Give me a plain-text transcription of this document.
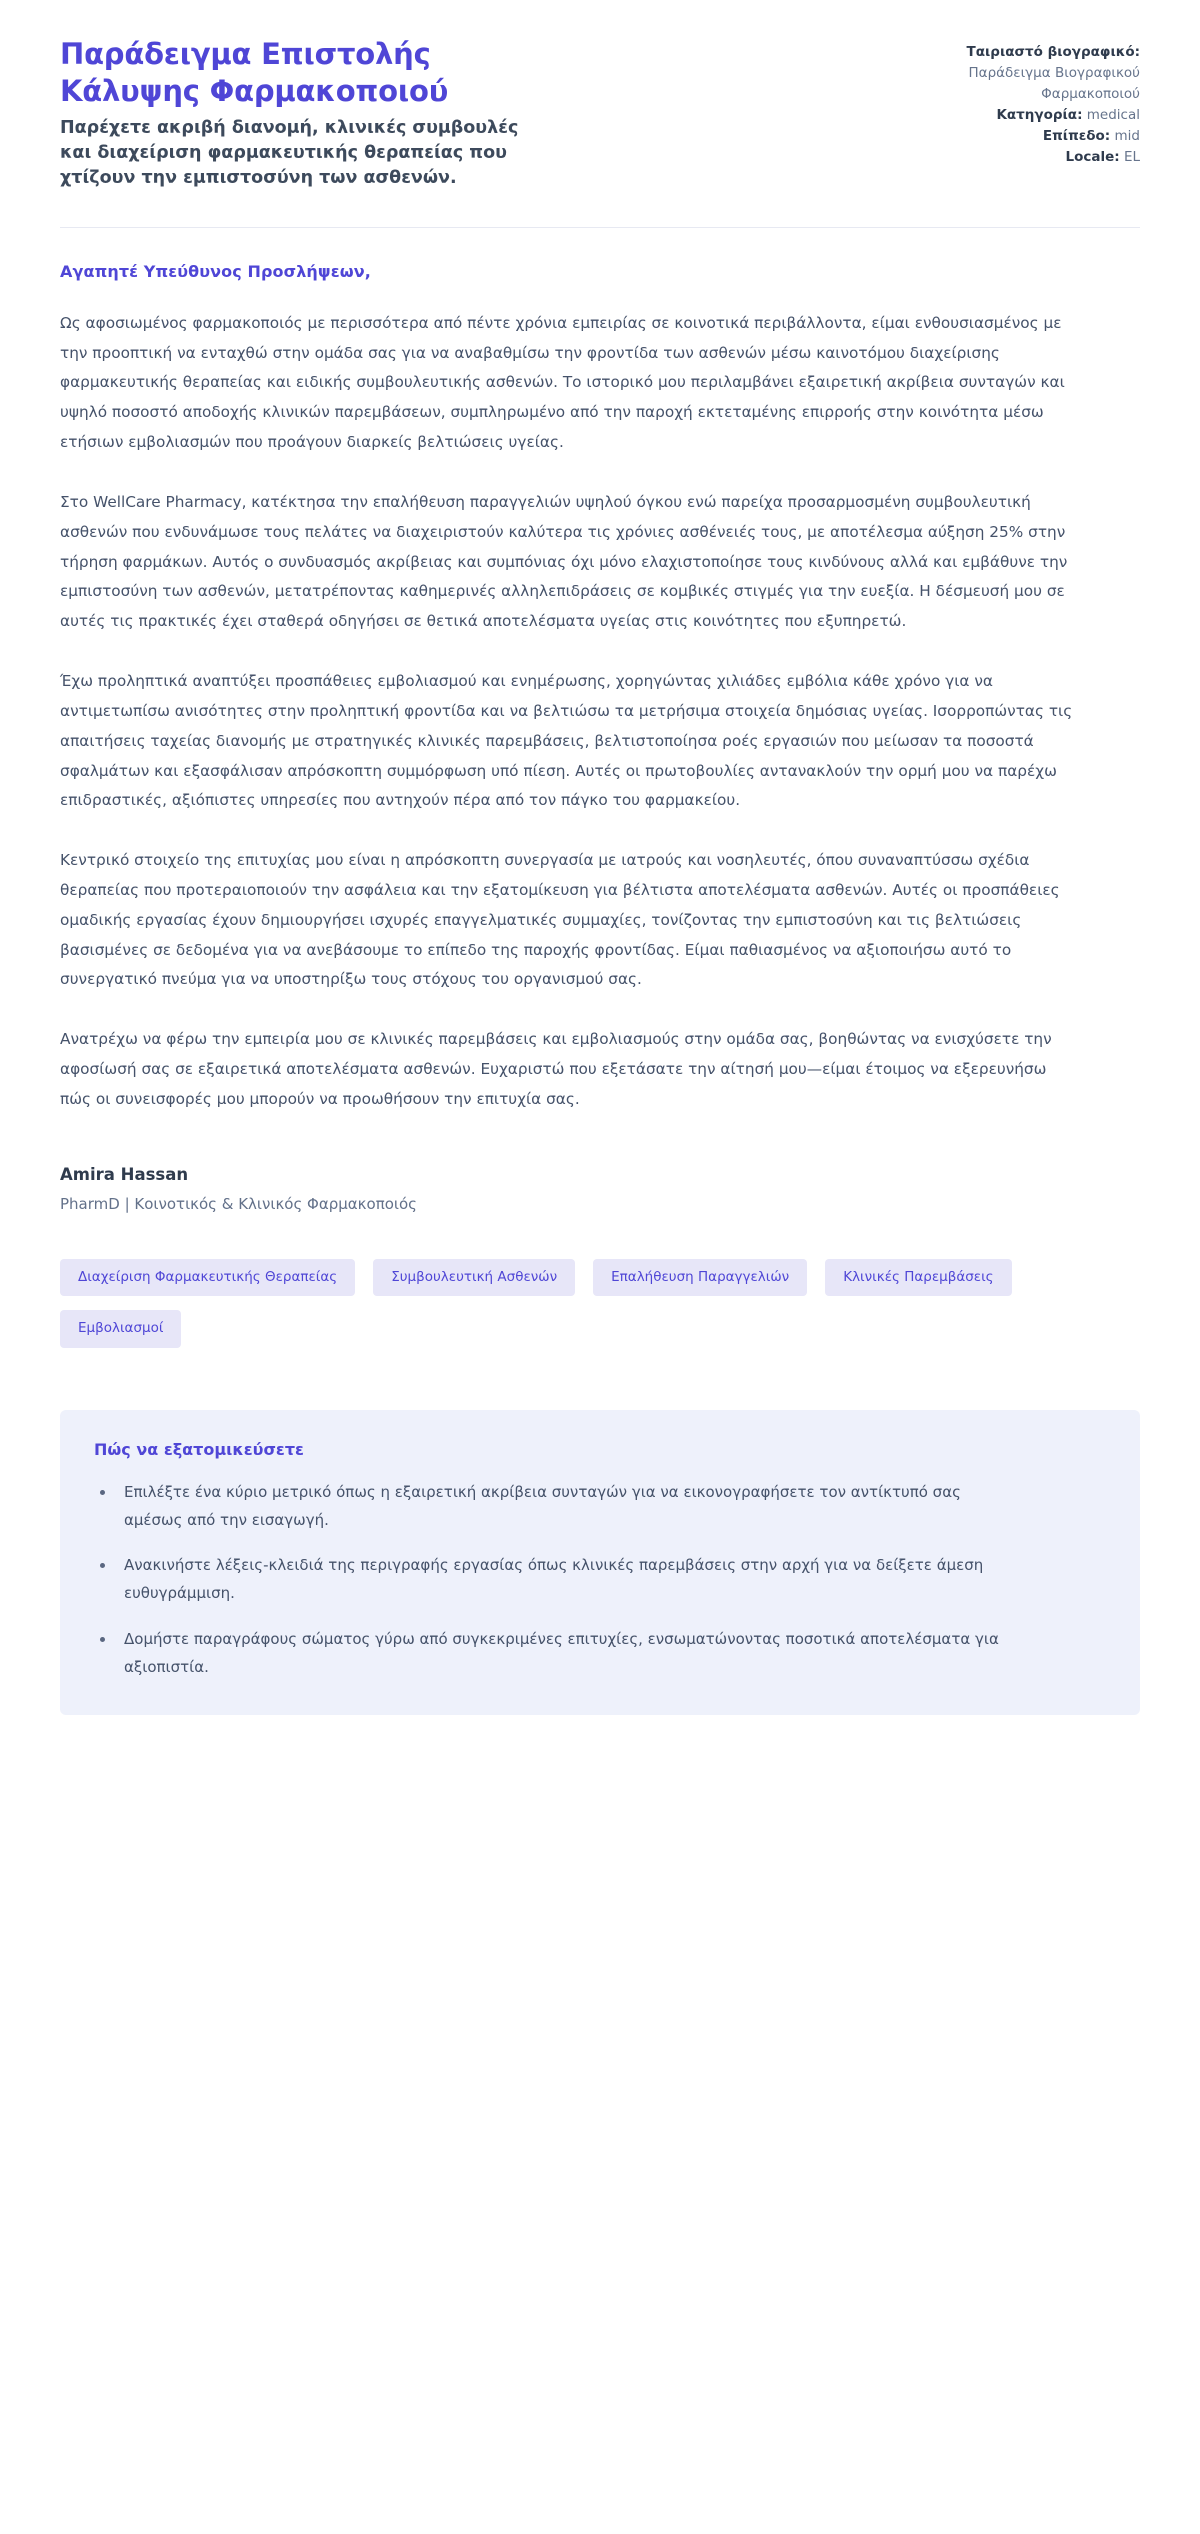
Παράδειγμα Επιστολής Κάλυψης Φαρμακοποιού

Παρέχετε ακριβή διανομή, κλινικές συμβουλές και διαχείριση φαρμακευτικής θεραπείας που χτίζουν την εμπιστοσύνη των ασθενών.

Ταιριαστό βιογραφικό:
Παράδειγμα Βιογραφικού Φαρμακοποιού
Κατηγορία: medical
Επίπεδο: mid
Locale: EL

Αγαπητέ Υπεύθυνος Προσλήψεων,

Ως αφοσιωμένος φαρμακοποιός με περισσότερα από πέντε χρόνια εμπειρίας σε κοινοτικά περιβάλλοντα, είμαι ενθουσιασμένος με την προοπτική να ενταχθώ στην ομάδα σας για να αναβαθμίσω την φροντίδα των ασθενών μέσω καινοτόμου διαχείρισης φαρμακευτικής θεραπείας και ειδικής συμβουλευτικής ασθενών. Το ιστορικό μου περιλαμβάνει εξαιρετική ακρίβεια συνταγών και υψηλό ποσοστό αποδοχής κλινικών παρεμβάσεων, συμπληρωμένο από την παροχή εκτεταμένης επιρροής στην κοινότητα μέσω ετήσιων εμβολιασμών που προάγουν διαρκείς βελτιώσεις υγείας.

Στο WellCare Pharmacy, κατέκτησα την επαλήθευση παραγγελιών υψηλού όγκου ενώ παρείχα προσαρμοσμένη συμβουλευτική ασθενών που ενδυνάμωσε τους πελάτες να διαχειριστούν καλύτερα τις χρόνιες ασθένειές τους, με αποτέλεσμα αύξηση 25% στην τήρηση φαρμάκων. Αυτός ο συνδυασμός ακρίβειας και συμπόνιας όχι μόνο ελαχιστοποίησε τους κινδύνους αλλά και εμβάθυνε την εμπιστοσύνη των ασθενών, μετατρέποντας καθημερινές αλληλεπιδράσεις σε κομβικές στιγμές για την ευεξία. Η δέσμευσή μου σε αυτές τις πρακτικές έχει σταθερά οδηγήσει σε θετικά αποτελέσματα υγείας στις κοινότητες που εξυπηρετώ.

Έχω προληπτικά αναπτύξει προσπάθειες εμβολιασμού και ενημέρωσης, χορηγώντας χιλιάδες εμβόλια κάθε χρόνο για να αντιμετωπίσω ανισότητες στην προληπτική φροντίδα και να βελτιώσω τα μετρήσιμα στοιχεία δημόσιας υγείας. Ισορροπώντας τις απαιτήσεις ταχείας διανομής με στρατηγικές κλινικές παρεμβάσεις, βελτιστοποίησα ροές εργασιών που μείωσαν τα ποσοστά σφαλμάτων και εξασφάλισαν απρόσκοπτη συμμόρφωση υπό πίεση. Αυτές οι πρωτοβουλίες αντανακλούν την ορμή μου να παρέχω επιδραστικές, αξιόπιστες υπηρεσίες που αντηχούν πέρα από τον πάγκο του φαρμακείου.

Κεντρικό στοιχείο της επιτυχίας μου είναι η απρόσκοπτη συνεργασία με ιατρούς και νοσηλευτές, όπου συναναπτύσσω σχέδια θεραπείας που προτεραιοποιούν την ασφάλεια και την εξατομίκευση για βέλτιστα αποτελέσματα ασθενών. Αυτές οι προσπάθειες ομαδικής εργασίας έχουν δημιουργήσει ισχυρές επαγγελματικές συμμαχίες, τονίζοντας την εμπιστοσύνη και τις βελτιώσεις βασισμένες σε δεδομένα για να ανεβάσουμε το επίπεδο της παροχής φροντίδας. Είμαι παθιασμένος να αξιοποιήσω αυτό το συνεργατικό πνεύμα για να υποστηρίξω τους στόχους του οργανισμού σας.

Ανατρέχω να φέρω την εμπειρία μου σε κλινικές παρεμβάσεις και εμβολιασμούς στην ομάδα σας, βοηθώντας να ενισχύσετε την αφοσίωσή σας σε εξαιρετικά αποτελέσματα ασθενών. Ευχαριστώ που εξετάσατε την αίτησή μου—είμαι έτοιμος να εξερευνήσω πώς οι συνεισφορές μου μπορούν να προωθήσουν την επιτυχία σας.

Amira Hassan

PharmD | Κοινοτικός & Κλινικός Φαρμακοποιός

Διαχείριση Φαρμακευτικής Θεραπείας	Συμβουλευτική Ασθενών	Επαλήθευση Παραγγελιών	Κλινικές Παρεμβάσεις
Εμβολιασμοί
Πώς να εξατομικεύσετε
• Επιλέξτε ένα κύριο μετρικό όπως η εξαιρετική ακρίβεια συνταγών για να εικονογραφήσετε τον αντίκτυπό σας αμέσως από την εισαγωγή.
• Ανακινήστε λέξεις-κλειδιά της περιγραφής εργασίας όπως κλινικές παρεμβάσεις στην αρχή για να δείξετε άμεση ευθυγράμμιση.
• Δομήστε παραγράφους σώματος γύρω από συγκεκριμένες επιτυχίες, ενσωματώνοντας ποσοτικά αποτελέσματα για αξιοπιστία.
